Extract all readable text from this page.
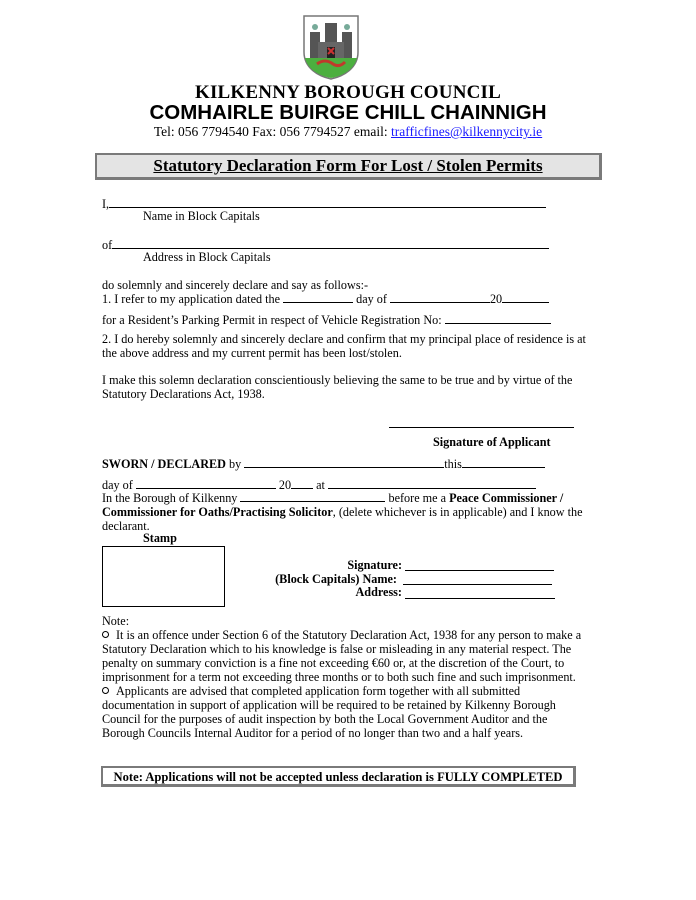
KILKENNY BOROUGH COUNCIL
COMHAIRLE BUIRGE CHILL CHAINNIGH
Tel: 056 7794540 Fax: 056 7794527 email: trafficfines@kilkennycity.ie
Statutory Declaration Form For Lost / Stolen Permits
I,
Name in Block Capitals
of
Address in Block Capitals
do solemnly and sincerely declare and say as follows:-
1. I refer to my application dated the	day of	20
for a Resident’s Parking Permit in respect of Vehicle Registration No:
2. I do hereby solemnly and sincerely declare and confirm that my principal place of residence is at the above address and my current permit has been lost/stolen.
I make this solemn declaration conscientiously believing the same to be true and by virtue of the Statutory Declarations Act, 1938.
Signature of Applicant
SWORN / DECLARED by	this
day of	20 at
In the Borough of Kilkenny	before me a Peace Commissioner / Commissioner for Oaths/Practising Solicitor, (delete whichever is in applicable) and I know the declarant.
Stamp
Signature:
(Block Capitals) Name:
Address:
Note:
It is an offence under Section 6 of the Statutory Declaration Act, 1938 for any person to make a Statutory Declaration which to his knowledge is false or misleading in any material respect. The penalty on summary conviction is a fine not exceeding €60 or, at the discretion of the Court, to imprisonment for a term not exceeding three months or to both such fine and such imprisonment.
Applicants are advised that completed application form together with all submitted documentation in support of application will be required to be retained by Kilkenny Borough Council for the purposes of audit inspection by both the Local Government Auditor and the Borough Councils Internal Auditor for a period of no longer than two and a half years.
Note: Applications will not be accepted unless declaration is FULLY COMPLETED
